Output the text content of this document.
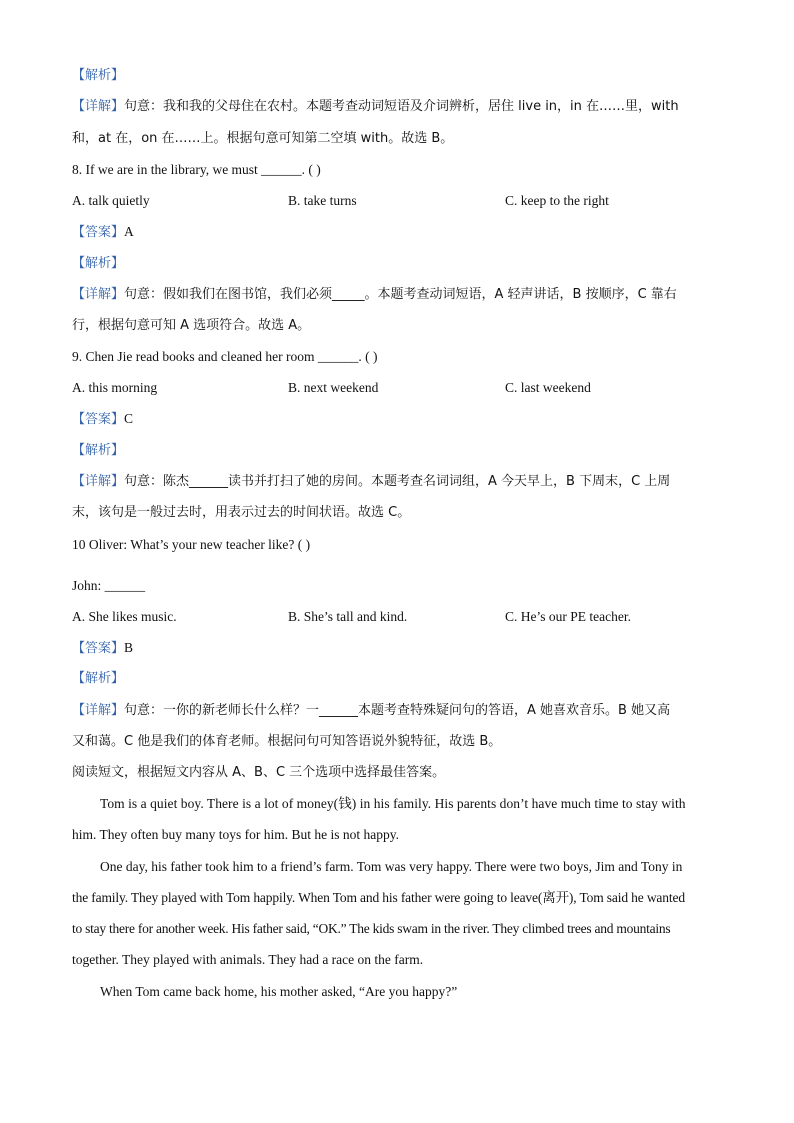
【解析】
【详解】句意：我和我的父母住在农村。本题考查动词短语及介词辨析，居住 live in，in 在……里，with
和，at 在，on 在……上。根据句意可知第二空填 with。故选 B。
8. If we are in the library, we must ______. ( )
A. talk quietly	B. take turns	C. keep to the right
【答案】A
【解析】
【详解】句意：假如我们在图书馆，我们必须_____。本题考查动词短语，A 轻声讲话，B 按顺序，C 靠右
行，根据句意可知 A 选项符合。故选 A。
9. Chen Jie read books and cleaned her room ______. ( )
A. this morning	B. next weekend	C. last weekend
【答案】C
【解析】
【详解】句意：陈杰______读书并打扫了她的房间。本题考查名词词组，A 今天早上，B 下周末，C 上周
末，该句是一般过去时，用表示过去的时间状语。故选 C。
10 Oliver: What’s your new teacher like? ( )
John: ______
A. She likes music.	B. She’s tall and kind.	C. He’s our PE teacher.
【答案】B
【解析】
【详解】句意：一你的新老师长什么样？一______本题考查特殊疑问句的答语，A 她喜欢音乐。B 她又高
又和蔼。C 他是我们的体育老师。根据问句可知答语说外貌特征，故选 B。
阅读短文，根据短文内容从 A、B、C 三个选项中选择最佳答案。
Tom is a quiet boy. There is a lot of money(钱) in his family. His parents don’t have much time to stay with
him. They often buy many toys for him. But he is not happy.
One day, his father took him to a friend’s farm. Tom was very happy. There were two boys, Jim and Tony in
the family. They played with Tom happily. When Tom and his father were going to leave(离开), Tom said he wanted
to stay there for another week. His father said, “OK.” The kids swam in the river. They climbed trees and mountains
together. They played with animals. They had a race on the farm.
When Tom came back home, his mother asked, “Are you happy?”
